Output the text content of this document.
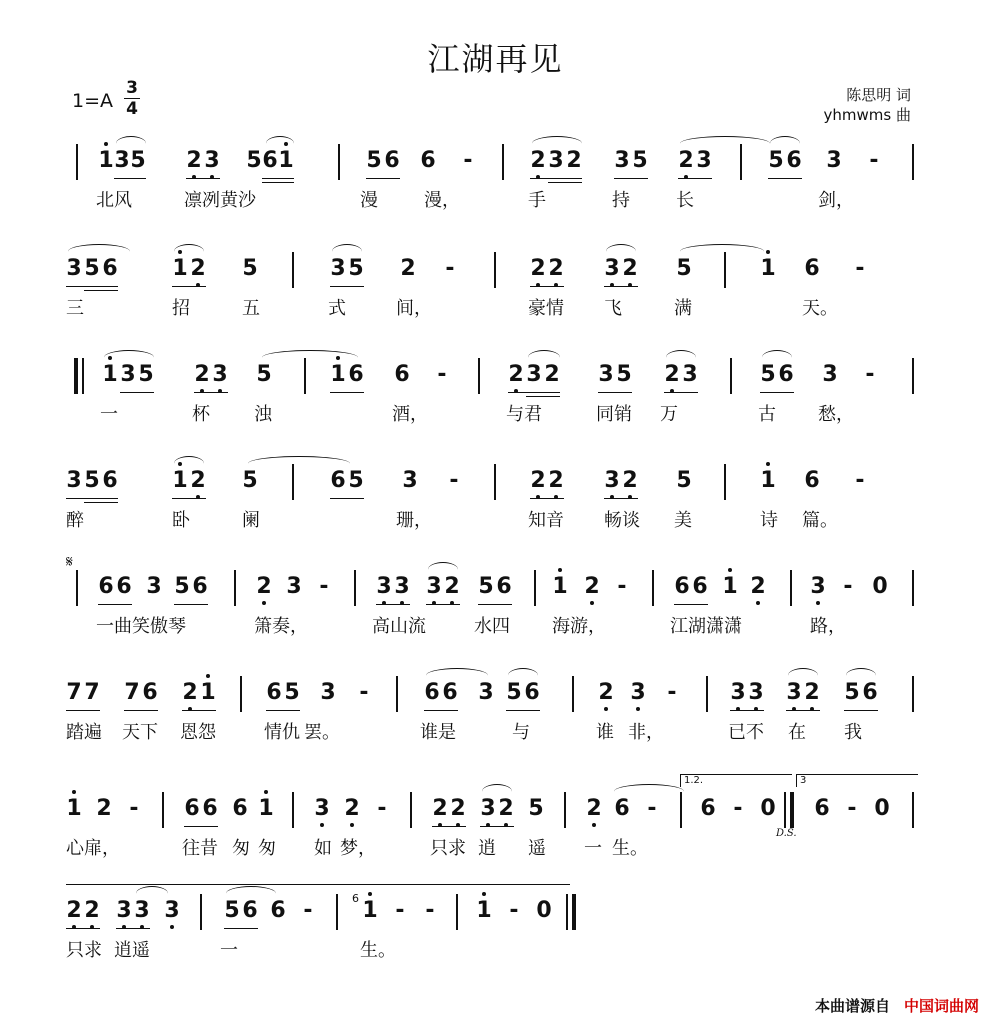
江湖再见
$1=A \frac{3}{4}$	陈思明 词
yhmwms 曲
1 3 5 2 3 5 6 1	5 6 6 -	2 3 2 3 5 2 3	5 6 3 -
北风	凛冽黄沙	漫	漫，	手	持	长	剑，
3 5 6 1 2 5	3 5 2 -	2 2 3 2 5	1 6 -
三	招	五	式	间，	豪情 飞	满	天。
1 3 5 2 3 5	1 6 6 -	2 3 2 3 5 2 3	5 6 3 -
一	杯 浊	酒，	与君	同销 万	古 愁，
3 5 6 1 2 5	6 5 3 -	2 2 3 2 5	1 6 -
醉	卧	阑	珊，	知音 畅谈 美	诗 篇。
𝄋
6 6 3 5 6 2 3 - 3 3 3 2 5 6 1 2 - 6 6 1 2 3 - 0
一曲笑傲琴	箫奏，	高山流	水四 海游，	江湖潇潇	路，
7 7 7 6 2 1 6 5 3 -	6 6 3 5 6	2 3 - 3 3 3 2 5 6
踏遍 天下 恩怨	情仇 罢。	谁是	与	谁 非，	已不 在 我
1 2 - 6 6 6 1 3 2 - 2 2 3 2 5 2 6 -
1.2.
6 - 0
D.S.
3
6 - 0
心扉，	往昔 匆 匆 如 梦，	只求 逍 遥 一 生。
2 2 3 3 3 5 6 6 -	6 1 - - 1 - 0
只求 逍遥	一	生。
本曲谱源自 中国词曲网
